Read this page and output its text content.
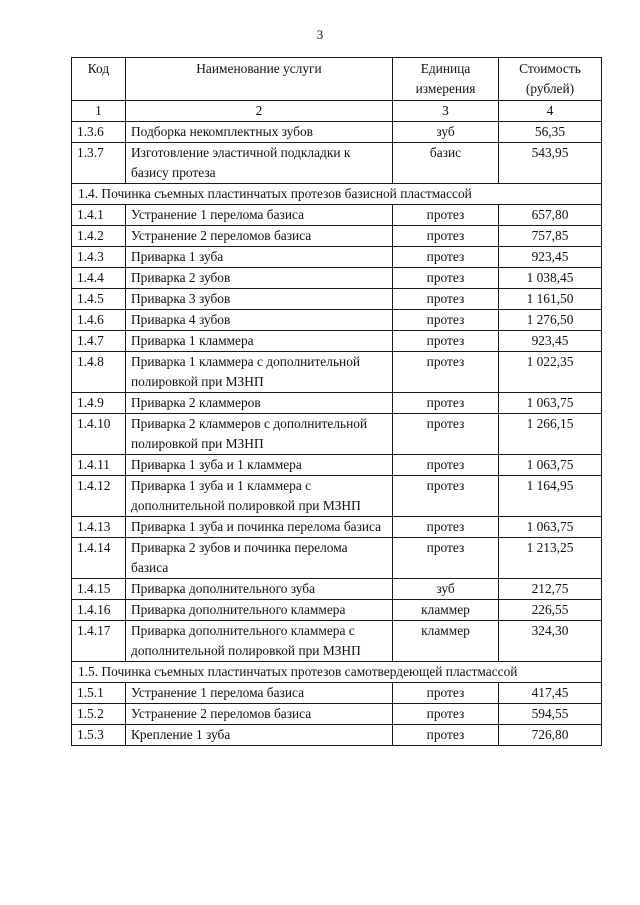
3
Код	Наименование услуги	Единица измерения	Стоимость (рублей)
1	2	3	4
1.3.6	Подборка некомплектных зубов	зуб	56,35
1.3.7	Изготовление эластичной подкладки к базису протеза	базис	543,95
1.4. Починка съемных пластинчатых протезов базисной пластмассой			
1.4.1	Устранение 1 перелома базиса	протез	657,80
1.4.2	Устранение 2 переломов базиса	протез	757,85
1.4.3	Приварка 1 зуба	протез	923,45
1.4.4	Приварка 2 зубов	протез	1 038,45
1.4.5	Приварка 3 зубов	протез	1 161,50
1.4.6	Приварка 4 зубов	протез	1 276,50
1.4.7	Приварка 1 кламмера	протез	923,45
1.4.8	Приварка 1 кламмера с дополнительной полировкой при МЗНП	протез	1 022,35
1.4.9	Приварка 2 кламмеров	протез	1 063,75
1.4.10	Приварка 2 кламмеров с дополнительной полировкой при МЗНП	протез	1 266,15
1.4.11	Приварка 1 зуба и 1 кламмера	протез	1 063,75
1.4.12	Приварка 1 зуба и 1 кламмера с дополнительной полировкой при МЗНП	протез	1 164,95
1.4.13	Приварка 1 зуба и починка перелома базиса	протез	1 063,75
1.4.14	Приварка 2 зубов и починка перелома базиса	протез	1 213,25
1.4.15	Приварка дополнительного зуба	зуб	212,75
1.4.16	Приварка дополнительного кламмера	кламмер	226,55
1.4.17	Приварка дополнительного кламмера с дополнительной полировкой при МЗНП	кламмер	324,30
1.5. Починка съемных пластинчатых протезов самотвердеющей пластмассой			
1.5.1	Устранение 1 перелома базиса	протез	417,45
1.5.2	Устранение 2 переломов базиса	протез	594,55
1.5.3	Крепление 1 зуба	протез	726,80
